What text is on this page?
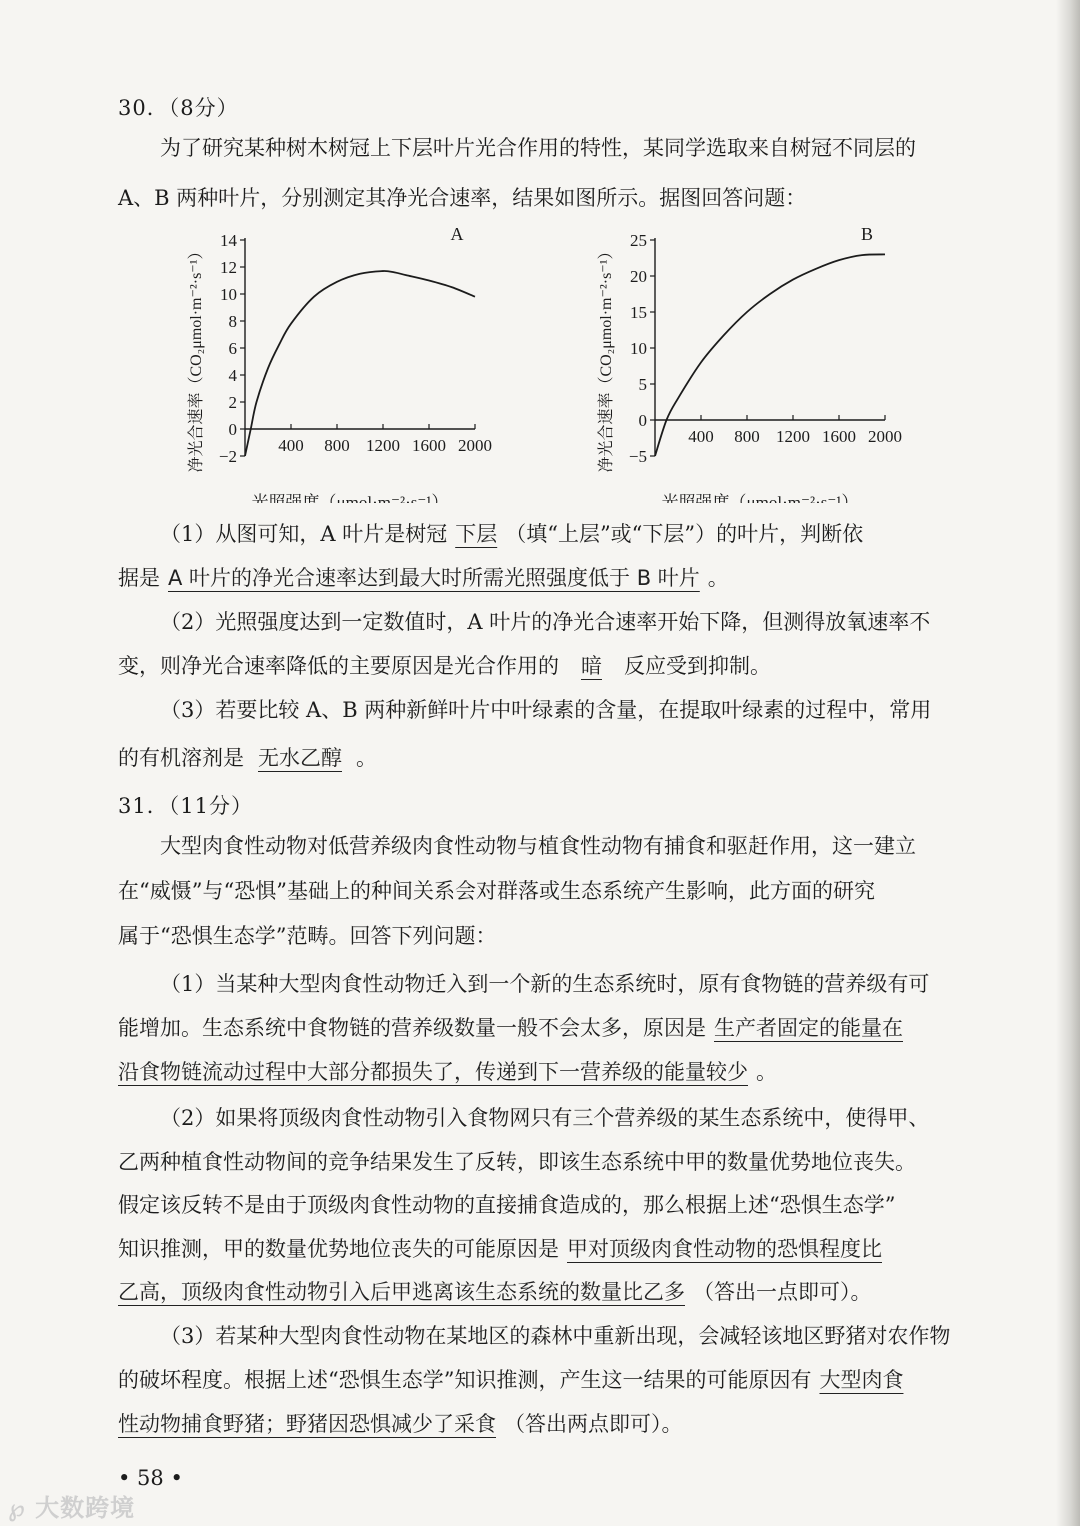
30．（8分）
为了研究某种树木树冠上下层叶片光合作用的特性，某同学选取来自树冠不同层的
A、B 两种叶片，分别测定其净光合速率，结果如图所示。据图回答问题：
−2
0
2
4
6
8
10
12
14
400 800 1200 1600 2000
A
光照强度（μmol·m⁻²·s⁻¹）
净光合速率（CO₂μmol·m⁻²·s⁻¹）	−5
0
5
10
15
20
25
400 800 1200 1600 2000
B
光照强度（μmol·m⁻²·s⁻¹）
净光合速率（CO₂μmol·m⁻²·s⁻¹）
（1）从图可知，A 叶片是树冠 下层 （填“上层”或“下层”）的叶片，判断依
据是 A 叶片的净光合速率达到最大时所需光照强度低于 B 叶片 。
（2）光照强度达到一定数值时，A 叶片的净光合速率开始下降，但测得放氧速率不
变，则净光合速率降低的主要原因是光合作用的 暗 反应受到抑制。
（3）若要比较 A、B 两种新鲜叶片中叶绿素的含量，在提取叶绿素的过程中，常用
的有机溶剂是 无水乙醇 。
31．（11分）
大型肉食性动物对低营养级肉食性动物与植食性动物有捕食和驱赶作用，这一建立
在“威慑”与“恐惧”基础上的种间关系会对群落或生态系统产生影响，此方面的研究
属于“恐惧生态学”范畴。回答下列问题：
（1）当某种大型肉食性动物迁入到一个新的生态系统时，原有食物链的营养级有可
能增加。生态系统中食物链的营养级数量一般不会太多，原因是 生产者固定的能量在
沿食物链流动过程中大部分都损失了，传递到下一营养级的能量较少 。
（2）如果将顶级肉食性动物引入食物网只有三个营养级的某生态系统中，使得甲、
乙两种植食性动物间的竞争结果发生了反转，即该生态系统中甲的数量优势地位丧失。
假定该反转不是由于顶级肉食性动物的直接捕食造成的，那么根据上述“恐惧生态学”
知识推测，甲的数量优势地位丧失的可能原因是 甲对顶级肉食性动物的恐惧程度比
乙高，顶级肉食性动物引入后甲逃离该生态系统的数量比乙多 （答出一点即可）。
（3）若某种大型肉食性动物在某地区的森林中重新出现，会减轻该地区野猪对农作物
的破坏程度。根据上述“恐惧生态学”知识推测，产生这一结果的可能原因有 大型肉食
性动物捕食野猪；野猪因恐惧减少了采食 （答出两点即可）。
• 58 •
℘ 大数跨境
